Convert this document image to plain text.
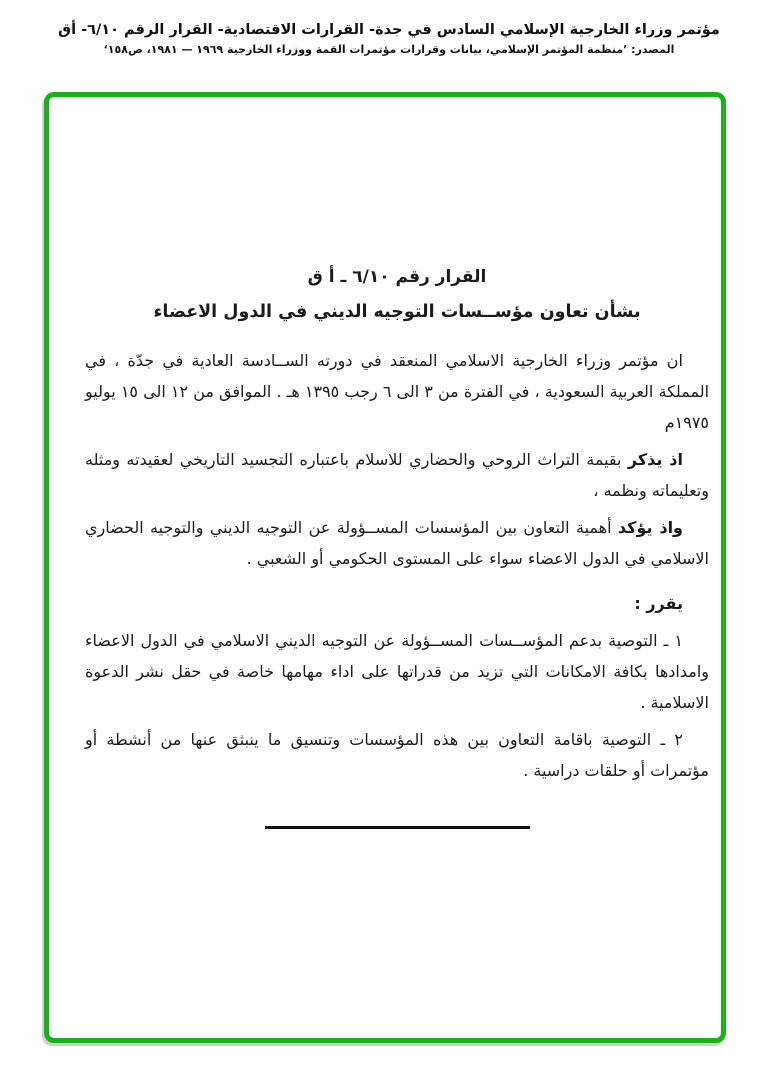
مؤتمر وزراء الخارجية الإسلامي السادس في جدة- القرارات الاقتصادية- القرار الرقم ٦/١٠- أق
المصدر: ’منظمة المؤتمر الإسلامي، بيانات وقرارات مؤتمرات القمة ووزراء الخارجية ١٩٦٩ — ١٩٨١، ص١٥٨‘
القرار رقم ٦/١٠ ـ أ ق
بشأن تعاون مؤســسات التوجيه الديني في الدول الاعضاء

ان مؤتمر وزراء الخارجية الاسلامي المنعقد في دورته الســادسة العادية في جدّة ، في المملكة العربية السعودية ، في الفترة من ٣ الى ٦ رجب ١٣٩٥ هـ . الموافق من ١٢ الى ١٥ يوليو ١٩٧٥م

اذ يذكر بقيمة التراث الروحي والحضاري للاسلام باعتباره التجسيد التاريخي لعقيدته ومثله وتعليماته ونظمه ،

واذ يؤكد أهمية التعاون بين المؤسسات المســؤولة عن التوجيه الديني والتوجيه الحضاري الاسلامي في الدول الاعضاء سواء على المستوى الحكومي أو الشعبي .

يقرر :

١ ـ التوصية بدعم المؤســسات المســؤولة عن التوجيه الديني الاسلامي في الدول الاعضاء وامدادها بكافة الامكانات التي تزيد من قدراتها على اداء مهامها خاصة في حقل نشر الدعوة الاسلامية .

٢ ـ التوصية باقامة التعاون بين هذه المؤسسات وتنسيق ما ينبثق عنها من أنشطة أو مؤتمرات أو حلقات دراسية .
